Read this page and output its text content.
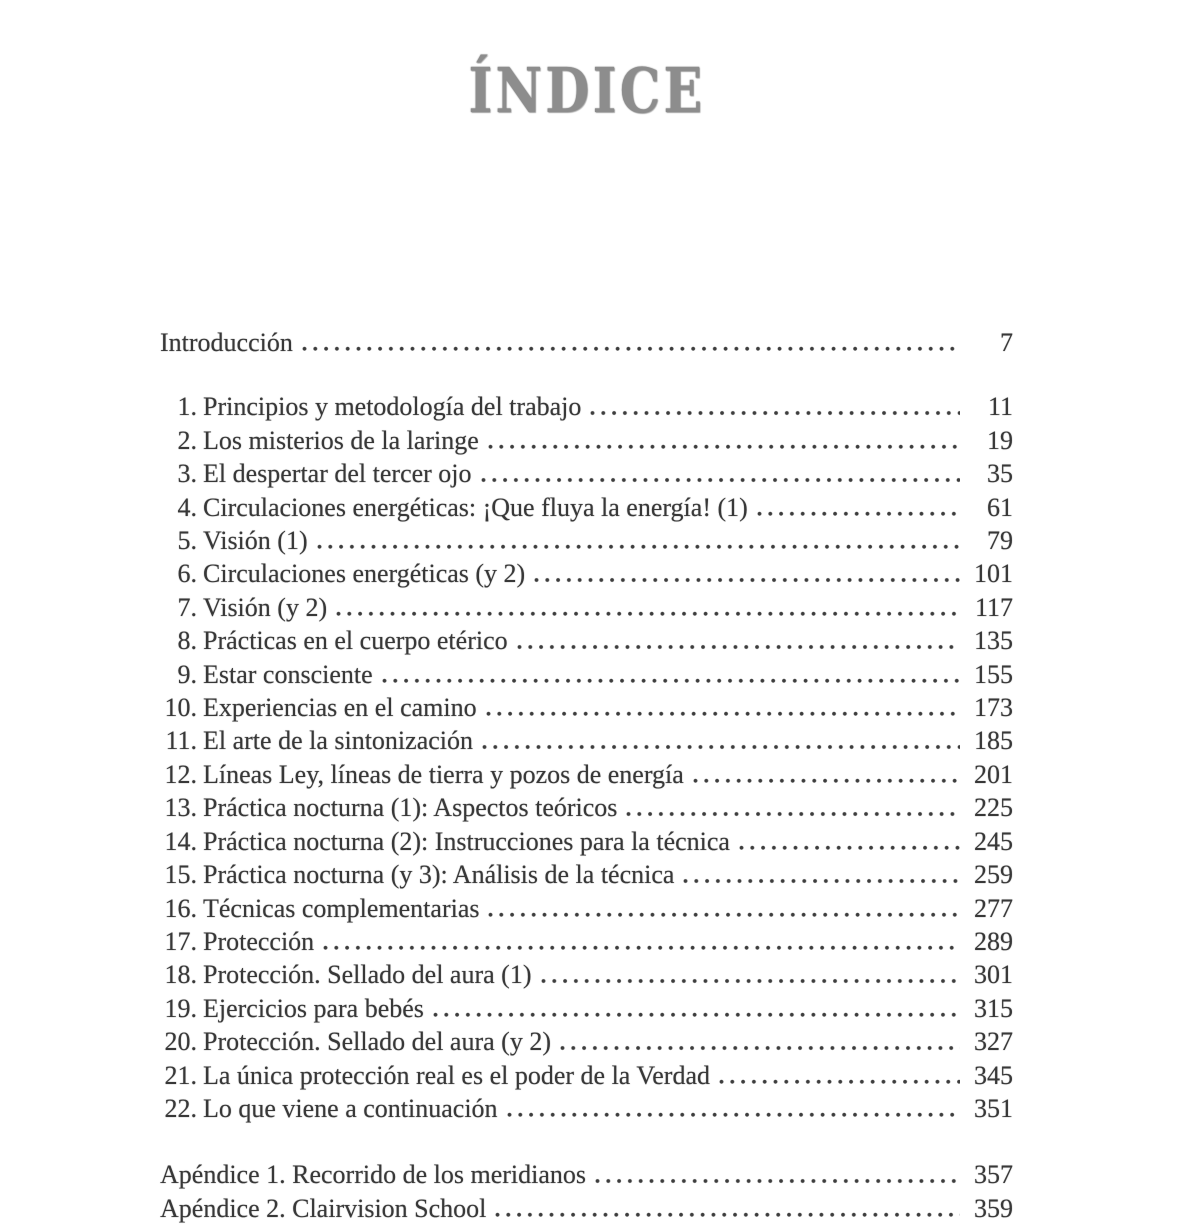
ÍNDICE
Introducción	7
1. Principios y metodología del trabajo	11
2. Los misterios de la laringe	19
3. El despertar del tercer ojo	35
4. Circulaciones energéticas: ¡Que fluya la energía! (1)	61
5. Visión (1)	79
6. Circulaciones energéticas (y 2)	101
7. Visión (y 2)	117
8. Prácticas en el cuerpo etérico	135
9. Estar consciente	155
10. Experiencias en el camino	173
11. El arte de la sintonización	185
12. Líneas Ley, líneas de tierra y pozos de energía	201
13. Práctica nocturna (1): Aspectos teóricos	225
14. Práctica nocturna (2): Instrucciones para la técnica	245
15. Práctica nocturna (y 3): Análisis de la técnica	259
16. Técnicas complementarias	277
17. Protección	289
18. Protección. Sellado del aura (1)	301
19. Ejercicios para bebés	315
20. Protección. Sellado del aura (y 2)	327
21. La única protección real es el poder de la Verdad	345
22. Lo que viene a continuación	351
Apéndice 1. Recorrido de los meridianos	357
Apéndice 2. Clairvision School	359
